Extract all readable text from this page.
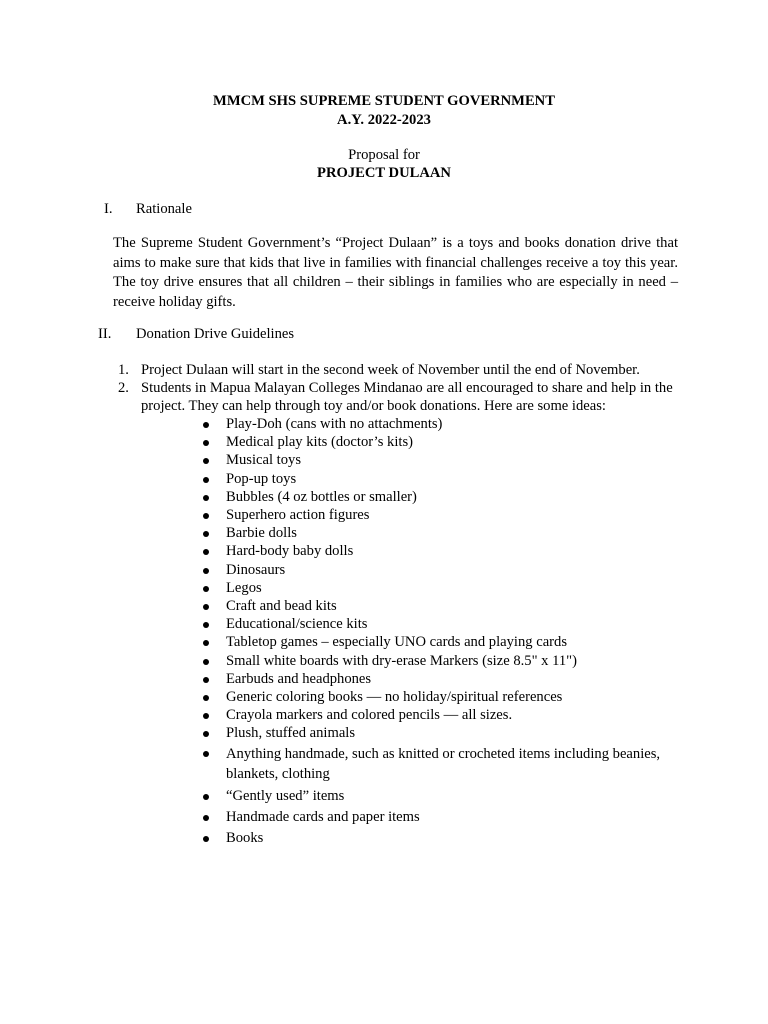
MMCM SHS SUPREME STUDENT GOVERNMENT
A.Y. 2022-2023
Proposal for
PROJECT DULAAN
I. Rationale
The Supreme Student Government’s “Project Dulaan” is a toys and books donation drive that aims to make sure that kids that live in families with financial challenges receive a toy this year. The toy drive ensures that all children – their siblings in families who are especially in need – receive holiday gifts.
II. Donation Drive Guidelines
1. Project Dulaan will start in the second week of November until the end of November.
2. Students in Mapua Malayan Colleges Mindanao are all encouraged to share and help in the project. They can help through toy and/or book donations. Here are some ideas:
Play-Doh (cans with no attachments)
Medical play kits (doctor’s kits)
Musical toys
Pop-up toys
Bubbles (4 oz bottles or smaller)
Superhero action figures
Barbie dolls
Hard-body baby dolls
Dinosaurs
Legos
Craft and bead kits
Educational/science kits
Tabletop games – especially UNO cards and playing cards
Small white boards with dry-erase Markers (size 8.5" x 11")
Earbuds and headphones
Generic coloring books — no holiday/spiritual references
Crayola markers and colored pencils — all sizes.
Plush, stuffed animals
Anything handmade, such as knitted or crocheted items including beanies, blankets, clothing
“Gently used” items
Handmade cards and paper items
Books
